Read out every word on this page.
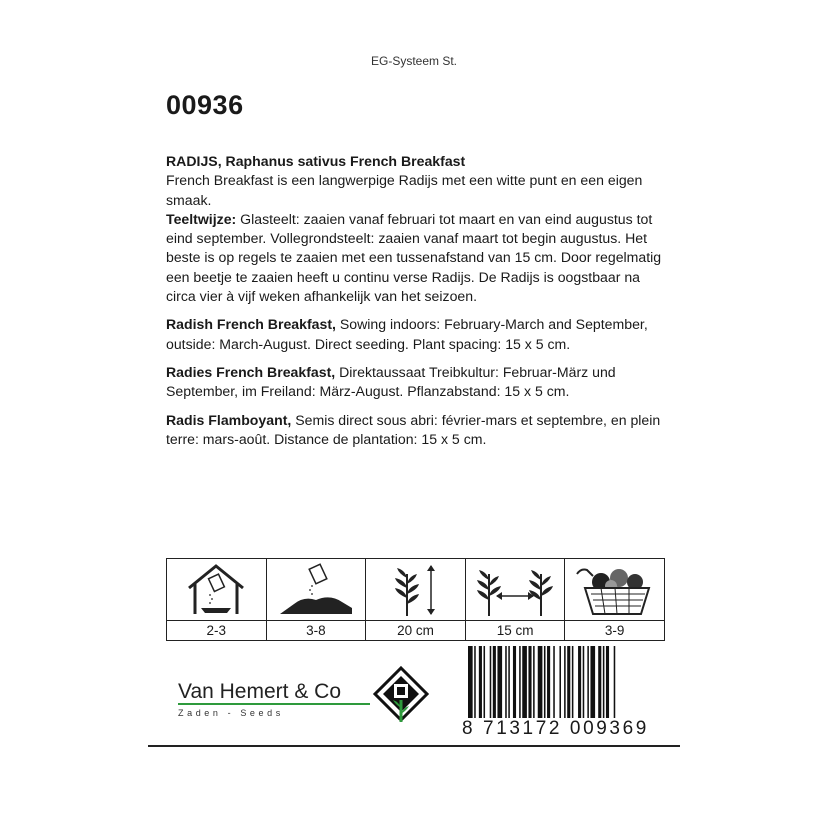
EG-Systeem St.
00936

RADIJS, Raphanus sativus French Breakfast
French Breakfast is een langwerpige Radijs met een witte punt en een eigen smaak.
Teeltwijze: Glasteelt: zaaien vanaf februari tot maart en van eind augustus tot eind september. Vollegrondsteelt: zaaien vanaf maart tot begin augustus. Het beste is op regels te zaaien met een tussenafstand van 15 cm. Door regelmatig een beetje te zaaien heeft u continu verse Radijs. De Radijs is oogstbaar na circa vier à vijf weken afhankelijk van het seizoen.

Radish French Breakfast, Sowing indoors: February-March and September, outside: March-August. Direct seeding. Plant spacing: 15 x 5 cm.

Radies French Breakfast, Direktaussaat Treibkultur: Februar-März und September, im Freiland: März-August. Pflanzabstand: 15 x 5 cm.

Radis Flamboyant, Semis direct sous abri: février-mars et septembre, en plein terre: mars-août. Distance de plantation: 15 x 5 cm.

2-3	3-8	20 cm	15 cm	3-9
Van Hemert & Co
Zaden - Seeds
8 713172 009369
